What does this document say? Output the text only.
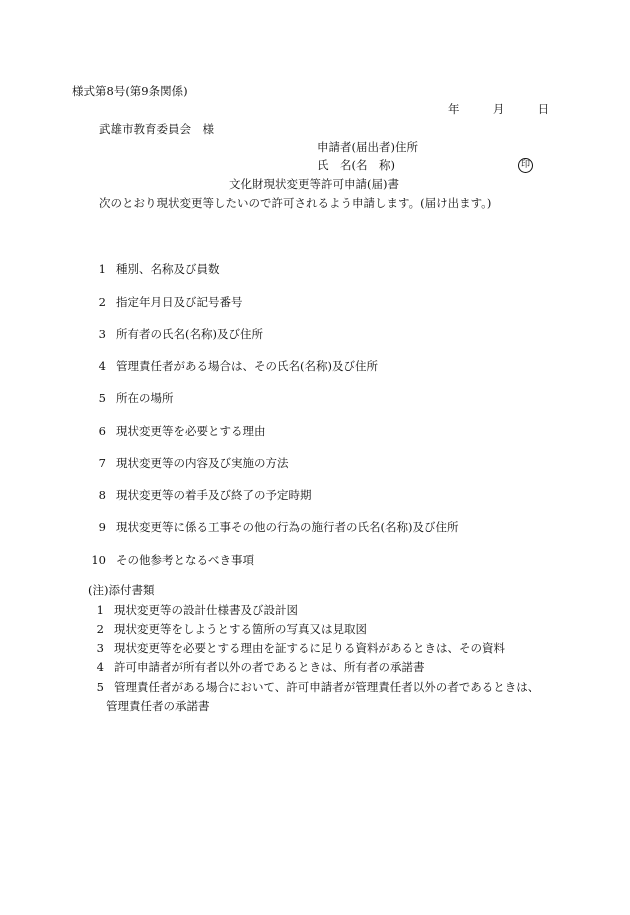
様式第8号(第9条関係)
年	月	日
武雄市教育委員会　様
申請者(届出者)住所
氏　名(名　称)	印
文化財現状変更等許可申請(届)書
次のとおり現状変更等したいので許可されるよう申請します。(届け出ます。)
1 種別、名称及び員数
2 指定年月日及び記号番号
3 所有者の氏名(名称)及び住所
4 管理責任者がある場合は、その氏名(名称)及び住所
5 所在の場所
6 現状変更等を必要とする理由
7 現状変更等の内容及び実施の方法
8 現状変更等の着手及び終了の予定時期
9 現状変更等に係る工事その他の行為の施行者の氏名(名称)及び住所
10 その他参考となるべき事項
(注)添付書類
1 現状変更等の設計仕様書及び設計図
2 現状変更等をしようとする箇所の写真又は見取図
3 現状変更等を必要とする理由を証するに足りる資料があるときは、その資料
4 許可申請者が所有者以外の者であるときは、所有者の承諾書
5 管理責任者がある場合において、許可申請者が管理責任者以外の者であるときは、
管理責任者の承諾書
